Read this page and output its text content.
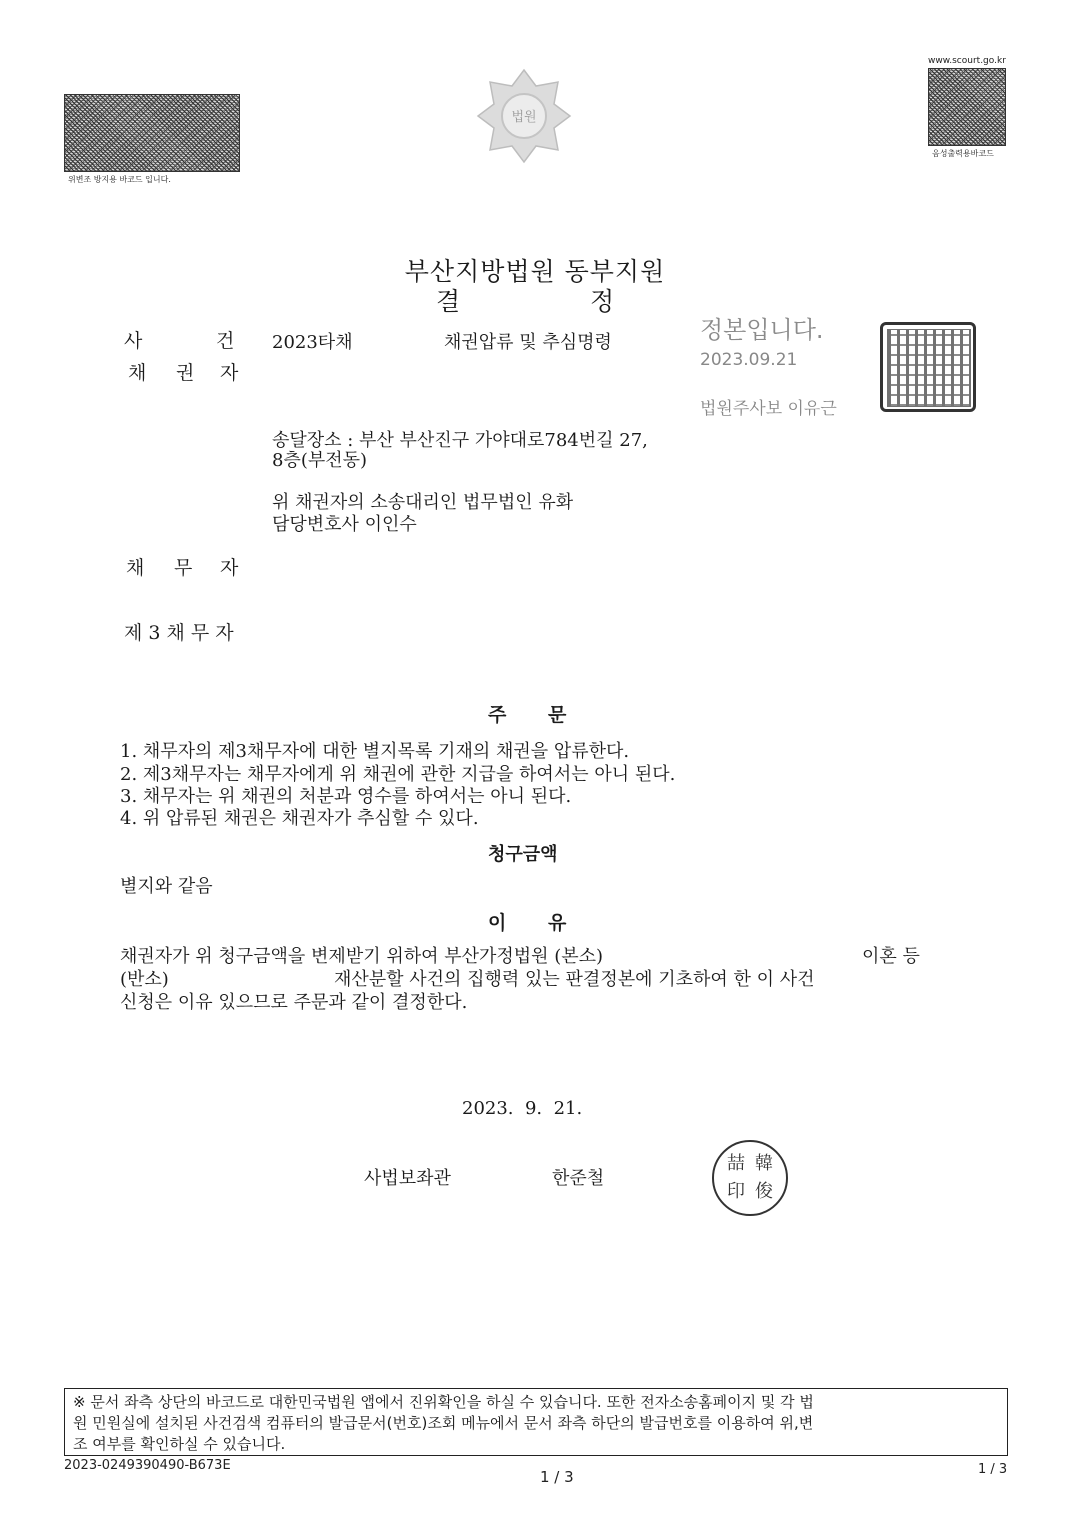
위변조 방지용 바코드 입니다.
법원
www.scourt.go.kr
음성출력용바코드
부산지방법원 동부지원
결	정
정본입니다.
2023.09.21
법원주사보 이유근
사	건 2023타채	채권압류 및 추심명령
채 권 자
송달장소 : 부산 부산진구 가야대로784번길 27,
8층(부전동)
위 채권자의 소송대리인 법무법인 유화
담당변호사 이인수
채 무 자
제 3 채 무 자
주 문
1. 채무자의 제3채무자에 대한 별지목록 기재의 채권을 압류한다.
2. 제3채무자는 채무자에게 위 채권에 관한 지급을 하여서는 아니 된다.
3. 채무자는 위 채권의 처분과 영수를 하여서는 아니 된다.
4. 위 압류된 채권은 채권자가 추심할 수 있다.
청구금액
별지와 같음
이 유
채권자가 위 청구금액을 변제받기 위하여 부산가정법원 (본소)	이혼 등
(반소)	재산분할 사건의 집행력 있는 판결정본에 기초하여 한 이 사건
신청은 이유 있으므로 주문과 같이 결정한다.
2023.  9.  21.
사법보좌관	한준철
喆 韓
印 俊
※ 문서 좌측 상단의 바코드로 대한민국법원 앱에서 진위확인을 하실 수 있습니다. 또한 전자소송홈페이지 및 각 법
원 민원실에 설치된 사건검색 컴퓨터의 발급문서(번호)조회 메뉴에서 문서 좌측 하단의 발급번호를 이용하여 위,변
조 여부를 확인하실 수 있습니다.
2023-0249390490-B673E
1 / 3	1 / 3
